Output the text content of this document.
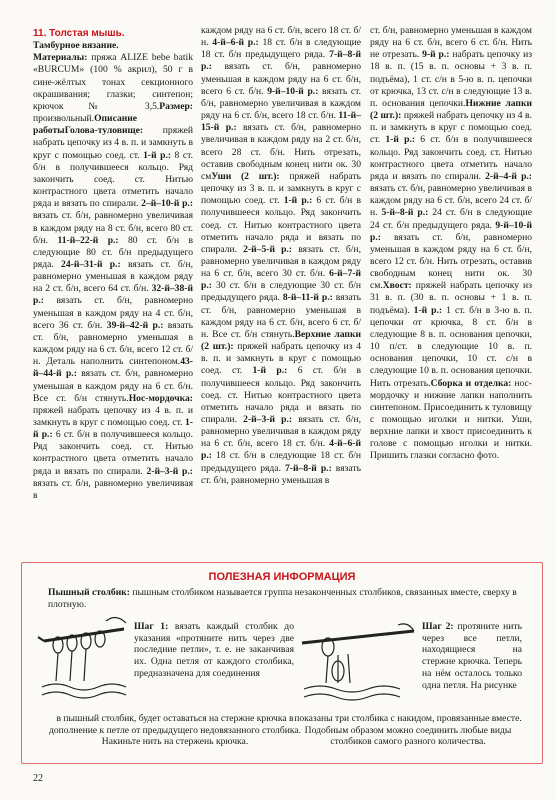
11. Толстая мышь.

Тамбурное вязание.

Материалы: пряжа ALIZE bebe batik «BURCUM» (100 % акрил), 50 г в сине-жёлтых тонах секционного окрашивания; глазки; синтепон; крючок № 3,5.Размер: произвольный.Описание работыГолова-туловище: пряжей набрать цепочку из 4 в. п. и замкнуть в круг с помощью соед. ст. 1-й р.: 8 ст. б/н в получившееся кольцо. Ряд закончить соед. ст. Нитью контрастного цвета отметить начало ряда и вязать по спирали. 2–й–10-й р.: вязать ст. б/н, равномерно увеличивая в каждом ряду на 8 ст. б/н, всего 80 ст. б/н. 11-й–22-й р.: 80 ст. б/н в следующие 80 ст. б/н предыдущего ряда. 24-й–31-й р.: вязать ст. б/н, равномерно уменьшая в каждом ряду на 2 ст. б/н, всего 64 ст. б/н. 32-й–38-й р.: вязать ст. б/н, равномерно уменьшая в каждом ряду на 4 ст. б/н, всего 36 ст. б/н. 39-й–42-й р.: вязать ст. б/н, равномерно уменьшая в каждом ряду на 6 ст. б/н, всего 12 ст. б/н. Деталь наполнить синтепоном.43-й–44-й р.: вязать ст. б/н, равномерно уменьшая в каждом ряду на 6 ст. б/н. Все ст. б/н стянуть.Нос-мордочка: пряжей набрать цепочку из 4 в. п. и замкнуть в круг с помощью соед. ст. 1-й р.: 6 ст. б/н в получившееся кольцо. Ряд закончить соед. ст. Нитью контрастного цвета отметить начало ряда и вязать по спирали. 2-й–3-й р.: вязать ст. б/н, равномерно увеличивая в

каждом ряду на 6 ст. б/н, всего 18 ст. б/н. 4-й–6-й р.: 18 ст. б/н в следующие 18 ст. б/н предыдущего ряда. 7-й–8-й р.: вязать ст. б/н, равномерно уменьшая в каждом ряду на 6 ст. б/н, всего 6 ст. б/н. 9-й–10-й р.: вязать ст. б/н, равномерно увеличивая в каждом ряду на 6 ст. б/н, всего 18 ст. б/н. 11-й–15-й р.: вязать ст. б/н, равномерно увеличивая в каждом ряду на 2 ст. б/н, всего 28 ст. б/н. Нить отрезать, оставив свободным конец нити ок. 30 смУши (2 шт.): пряжей набрать цепочку из 3 в. п. и замкнуть в круг с помощью соед. ст. 1-й р.: 6 ст. б/н в получившееся кольцо. Ряд закончить соед. ст. Нитью контрастного цвета отметить начало ряда и вязать по спирали. 2-й–5-й р.: вязать ст. б/н, равномерно увеличивая в каждом ряду на 6 ст. б/н, всего 30 ст. б/н. 6-й–7-й р.: 30 ст. б/н в следующие 30 ст. б/н предыдущего ряда. 8-й–11-й р.: вязать ст. б/н, равномерно уменьшая в каждом ряду на 6 ст. б/н, всего 6 ст. б/н. Все ст. б/н стянуть.Верхние лапки (2 шт.): пряжей набрать цепочку из 4 в. п. и замкнуть в круг с помощью соед. ст. 1-й р.: 6 ст. б/н в получившееся кольцо. Ряд закончить соед. ст. Нитью контрастного цвета отметить начало ряда и вязать по спирали. 2-й–3-й р.: вязать ст. б/н, равномерно увеличивая в каждом ряду на 6 ст. б/н, всего 18 ст. б/н. 4-й–6-й р.: 18 ст. б/н в следующие 18 ст. б/н предыдущего ряда. 7-й–8-й р.: вязать ст. б/н, равномерно уменьшая в

ст. б/н, равномерно уменьшая в каждом ряду на 6 ст. б/н, всего 6 ст. б/н. Нить не отрезать. 9-й р.: набрать цепочку из 18 в. п. (15 в. п. основы + 3 в. п. подъёма), 1 ст. с/н в 5-ю в. п. цепочки от крючка, 13 ст. с/н в следующие 13 в. п. основания цепочки.Нижние лапки (2 шт.): пряжей набрать цепочку из 4 в. п. и замкнуть в круг с помощью соед. ст. 1-й р.: 6 ст. б/н в получившееся кольцо. Ряд закончить соед. ст. Нитью контрастного цвета отметить начало ряда и вязать по спирали. 2-й–4-й р.: вязать ст. б/н, равномерно увеличивая в каждом ряду на 6 ст. б/н, всего 24 ст. б/н. 5-й–8-й р.: 24 ст. б/н в следующие 24 ст. б/н предыдущего ряда. 9-й–10-й р.: вязать ст. б/н, равномерно уменьшая в каждом ряду на 6 ст. б/н, всего 12 ст. б/н. Нить отрезать, оставив свободным конец нити ок. 30 см.Хвост: пряжей набрать цепочку из 31 в. п. (30 в. п. основы + 1 в. п. подъёма). 1-й р.: 1 ст. б/н в 3-ю в. п. цепочки от крючка, 8 ст. б/н в следующие 8 в. п. основания цепочки, 10 п/ст. в следующие 10 в. п. основания цепочки, 10 ст. с/н в следующие 10 в. п. основания цепочки. Нить отрезать.Сборка и отделка: нос-мордочку и нижние лапки наполнить синтепоном. Присоединить к туловищу с помощью иголки и нитки. Уши, верхние лапки и хвост присоединить к голове с помощью иголки и нитки. Пришить глазки согласно фото.

ПОЛЕЗНАЯ ИНФОРМАЦИЯ
Пышный столбик: пышным столбиком называется группа незаконченных столбиков, связанных вместе, сверху в плотную.
Шаг 1: вязать каждый столбик до указания «протяните нить через две последние петли», т. е. не заканчивая их. Одна петля от каждого столбика, предназначена для соединения
Шаг 2: протяните нить через все петли, находящиеся на стержне крючка. Теперь на нём осталось только одна петля. На рисунке
в пышный столбик, будет оставаться на стержне крючка в дополнение к петле от предыдущего недовязанного столбика. Накиньте нить на стержень крючка.
показаны три столбика с накидом, провязанные вместе. Подобным образом можно соединить любые виды столбиков самого разного количества.
22
